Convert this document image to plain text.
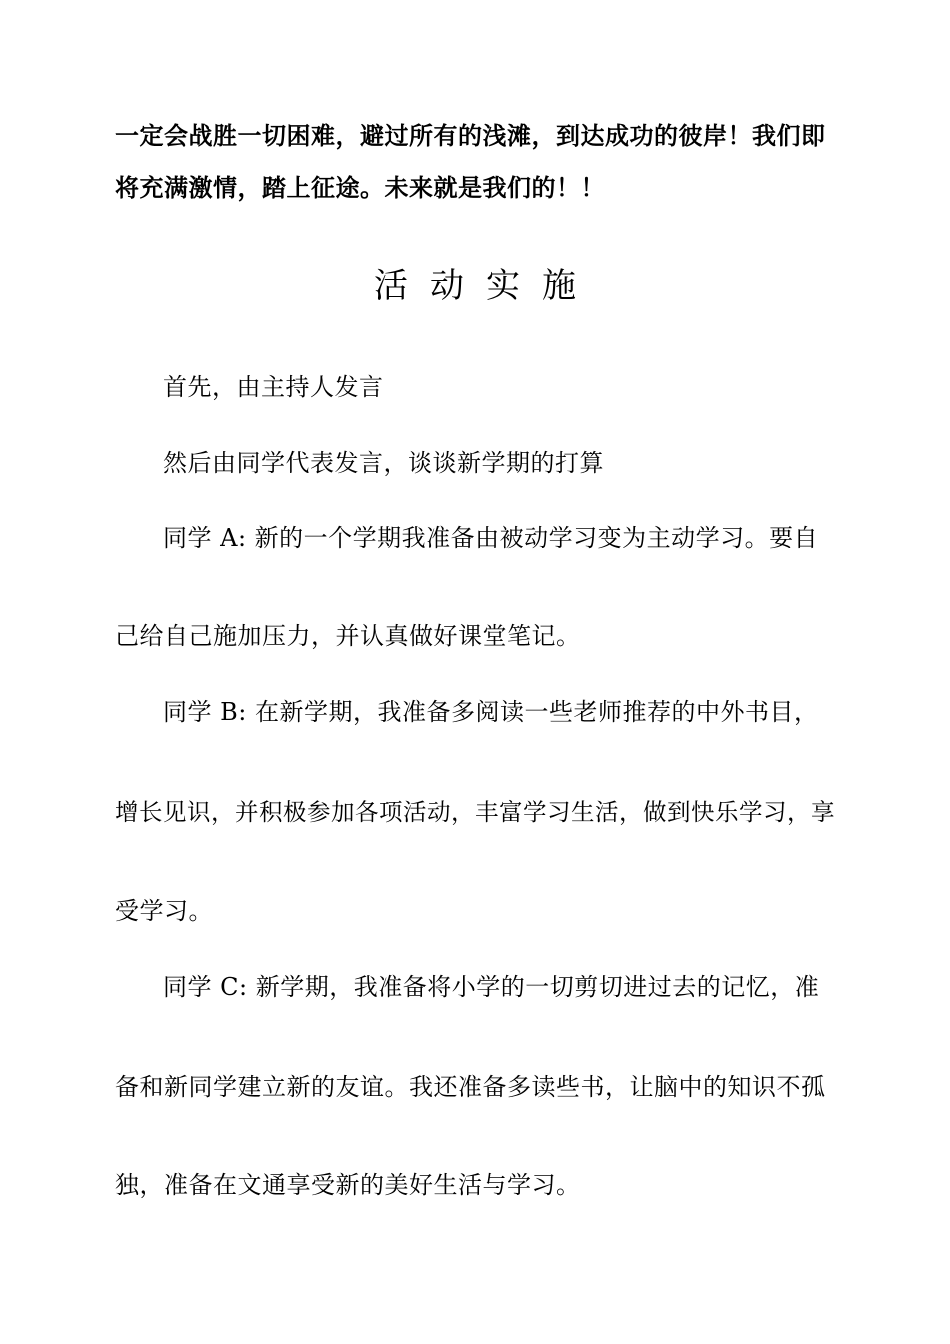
一定会战胜一切困难，避过所有的浅滩，到达成功的彼岸！我们即
将充满激情，踏上征途。未来就是我们的！！
活动实施
首先，由主持人发言
然后由同学代表发言，谈谈新学期的打算
同学 A: 新的一个学期我准备由被动学习变为主动学习。要自
己给自己施加压力，并认真做好课堂笔记。
同学 B: 在新学期，我准备多阅读一些老师推荐的中外书目，
增长见识，并积极参加各项活动，丰富学习生活，做到快乐学习，享
受学习。
同学 C: 新学期，我准备将小学的一切剪切进过去的记忆，准
备和新同学建立新的友谊。我还准备多读些书，让脑中的知识不孤
独，准备在文通享受新的美好生活与学习。
